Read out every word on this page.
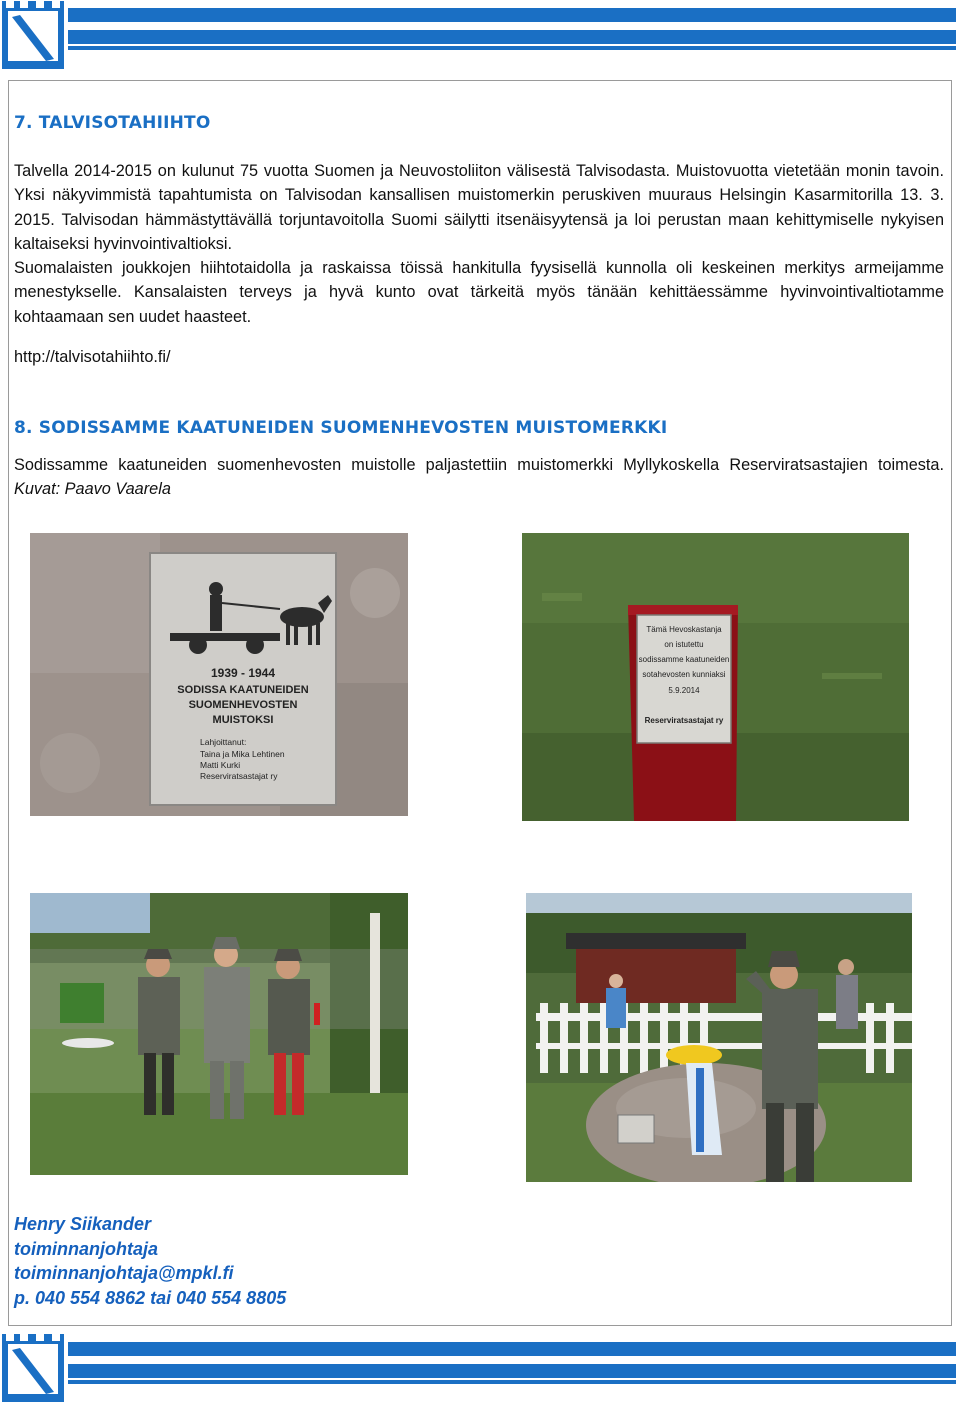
7. TALVISOTAHIIHTO

Talvella 2014-2015 on kulunut 75 vuotta Suomen ja Neuvostoliiton välisestä Talvisodasta. Muistovuotta vietetään monin tavoin. Yksi näkyvimmistä tapahtumista on Talvisodan kansallisen muistomerkin peruskiven muuraus Helsingin Kasarmitorilla 13. 3. 2015. Talvisodan hämmästyttävällä torjuntavoitolla Suomi säilytti itsenäisyytensä ja loi perustan maan kehittymiselle nykyisen kaltaiseksi hyvinvointivaltioksi.

Suomalaisten joukkojen hiihtotaidolla ja raskaissa töissä hankitulla fyysisellä kunnolla oli keskeinen merkitys armeijamme menestykselle. Kansalaisten terveys ja hyvä kunto ovat tärkeitä myös tänään kehittäessämme hyvinvointivaltiotamme kohtaamaan sen uudet haasteet.

http://talvisotahiihto.fi/

8. SODISSAMME KAATUNEIDEN SUOMENHEVOSTEN MUISTOMERKKI

Sodissamme kaatuneiden suomenhevosten muistolle paljastettiin muistomerkki Myllykoskella Reserviratsastajien toimesta. Kuvat: Paavo Vaarela

1939 - 1944
SODISSA KAATUNEIDEN
SUOMENHEVOSTEN
MUISTOKSI
Lahjoittanut:
Taina ja Mika Lehtinen
Matti Kurki
Reserviratsastajat ry
Tämä Hevoskastanja
on istutettu
sodissamme kaatuneiden
sotahevosten kunniaksi
5.9.2014
Reserviratsastajat ry
Henry Siikander
toiminnanjohtaja
toiminnanjohtaja@mpkl.fi
p. 040 554 8862 tai 040 554 8805
